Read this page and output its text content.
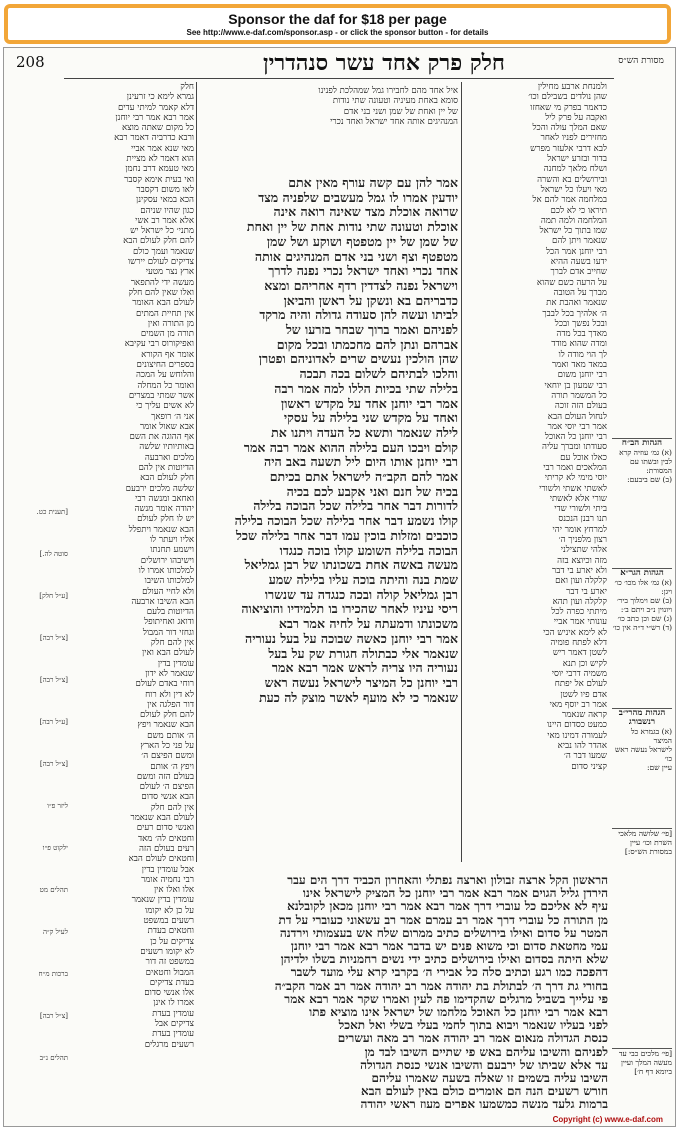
Sponsor the daf for $18 per page
See http://www.e-daf.com/sponsor.asp - or click the sponsor button - for details
208	חלק פרק אחד עשר סנהדרין	מסורת הש״ס
הגהות הב״ח
(א) גמ׳ עוזיה קרא
לבין ובשתו עם המסורת:
(ב) שם ביבעם:
הגהות הגר״א
(א) גמ׳ אלו מכו׳ כו׳ ויגן:
(ב) שם וימלוך ביר׳
ויונוין נ״ב ויתם ב׳:
(ג) שם וכן כתב כו׳
(ד) רש״י ד״ה אין כו׳
הגהות מהרי״ב רנשבורג
(א) בגמרא כל המיצר
לישראל נעשה ראש כו׳
עיין שם:
[פי׳ שלושה מלאכי
השרת וכו׳ עיין
במסורת הש״ס:]
[פי׳ מלכים כבי עד
מעשה המלך ועיין
ביומא דף ח׳]
[תענית כט.
סוטה לה.]
[ע״ל חלק]
[צ״ל רבה]
[צ״ל רבה]
[ע״ל רבה]
[צ״ל רבה]
ליזר פ״ו
ילקוט פ״ו
תהלים מט
לעיל ק״ה
ברכות מ״ח
[צ״ל רבה]
תהלים נ״ב
חלק
גמרא לימא כי זרעינן
דלא קאמר למיתי עדים
אמר רבא אמר רבי יוחנן
כל מקום שאתה מוצא
ורבא כדרביה דאמר רבא
מאי שנא אמר אביי
הוא דאמר לא מציית
מאי טעמא דרב נחמן
ואי בעית אימא קסבר
לאו משום דקסבר
הכא במאי עסקינן
כגון שהיו שניהם
אלא אמר רב אשי
מתני׳ כל ישראל יש
להם חלק לעולם הבא
שנאמר ועמך כולם
צדיקים לעולם יירשו
ארץ נצר מטעי
מעשה ידי להתפאר
ואלו שאין להם חלק
לעולם הבא האומר
אין תחיית המתים
מן התורה ואין
תורה מן השמים
ואפיקורוס רבי עקיבא
אומר אף הקורא
בספרים החיצונים
והלוחש על המכה
ואומר כל המחלה
אשר שמתי במצרים
לא אשים עליך כי
אני ה׳ רופאך
אבא שאול אומר
אף ההוגה את השם
באותיותיו שלשה
מלכים וארבעה
הדיוטות אין להם
חלק לעולם הבא
שלשה מלכים ירבעם
ואחאב ומנשה רבי
יהודה אומר מנשה
יש לו חלק לעולם
הבא שנאמר ויתפלל
אליו ויעתר לו
וישמע תחנתו
וישיבהו ירושלים
למלכותו אמרו לו
למלכותו השיבו
ולא לחיי העולם
הבא השיבו ארבעה
הדיוטות בלעם
ודואג ואחיתופל
וגחזי דור המבול
אין להם חלק
לעולם הבא ואין
עומדין בדין
שנאמר לא ידון
רוחי באדם לעולם
לא דין ולא רוח
דור הפלגה אין
להם חלק לעולם
הבא שנאמר ויפץ
ה׳ אותם משם
על פני כל הארץ
ומשם הפיצם ה׳
ויפץ ה׳ אותם
בעולם הזה ומשם
הפיצם ה׳ לעולם
הבא אנשי סדום
אין להם חלק
לעולם הבא שנאמר
ואנשי סדום רעים
וחטאים לה׳ מאד
רעים בעולם הזה
וחטאים לעולם הבא
אבל עומדין בדין
רבי נחמיה אומר
אלו ואלו אין
עומדין בדין שנאמר
על כן לא יקומו
רשעים במשפט
וחטאים בעדת
צדיקים על כן
לא יקומו רשעים
במשפט זה דור
המבול וחטאים
בעדת צדיקים
אלו אנשי סדום
אמרו לו אינן
עומדין בעדת
צדיקים אבל
עומדין בעדת
רשעים מרגלים
אמר להן עם קשה עורף מאין אתם
יודעין אמרו לו גמל מעשבים שלפניה מצד
שרואה אוכלת מצד שאינה רואה אינה
אוכלת וטעונה שתי נודות אחת של יין ואחת
של שמן של יין מטפטף ושוקע ושל שמן
מטפטף וצף ושני בני אדם המנהיגים אותה
אחד נכרי ואחד ישראל נכרי נפנה לדרך
וישראל נפנה לצדדין רדף אחריהם ומצא
כדבריהם בא ונשקן על ראשן והביאן
לביתו ועשה להן סעודה גדולה והיה מרקד
לפניהם ואמר ברוך שבחר בזרעו של
אברהם ונתן להם מחכמתו ובכל מקום
שהן הולכין נעשים שרים לאדוניהם ופטרן
והלכו לבתיהם לשלום בכה תבכה
בלילה שתי בכיות הללו למה אמר רבה
אמר רבי יוחנן אחד על מקדש ראשון
ואחד על מקדש שני בלילה על עסקי
לילה שנאמר ותשא כל העדה ויתנו את
קולם ויבכו העם בלילה ההוא אמר רבה אמר
רבי יוחנן אותו היום ליל תשעה באב היה
אמר להם הקב״ה לישראל אתם בכיתם
בכיה של חנם ואני אקבע לכם בכיה
לדורות דבר אחר בלילה שכל הבוכה בלילה
קולו נשמע דבר אחר בלילה שכל הבוכה בלילה
כוכבים ומזלות בוכין עמו דבר אחר בלילה שכל
הבוכה בלילה השומע קולו בוכה כנגדו
מעשה באשה אחת בשכונתו של רבן גמליאל
שמת בנה והיתה בוכה עליו בלילה שמע
רבן גמליאל קולה ובכה כנגדה עד שנשרו
ריסי עיניו לאחר שהכירו בו תלמידיו והוציאוה
משכונתו ודמעתה על לחיה אמר רבא
אמר רבי יוחנן כאשה שבוכה על בעל נעוריה
שנאמר אלי כבתולה חגורת שק על בעל
נעוריה היו צריה לראש אמר רבא אמר
רבי יוחנן כל המיצר לישראל נעשה ראש
שנאמר כי לא מועף לאשר מוצק לה כעת
איל אחד מהם לחבירו גמל שמהלכת לפנינו
סומא באחת מעיניה וטעונה שתי נודות
של יין ואחת של שמן ושני בני אדם
המנהיגים אותה אחד ישראל ואחד נכרי
ולמנחת ארבע מחילין
שהן נולדים בשבילם וכו׳
כדאמר בפרק מי שאחזו
ואקבה על פרק ליל
שאם המלך עולה והכל
מחזירים לפניו לאחר
לבא דרבי אלעזר מפרש
בדור ובזרע ישראל
ושלח מלאך למחנה
ובירושלים בא והשרה
מאי ויעלו כל ישראל
במלחמה אמר להם אל
תיראו כי לא לכם
המלחמה ולמה תמה
שמו בתוך כל ישראל
שנאמר ויתן להם
רבי יוחנן אמר הכל
ידעו בשעה ההיא
שחייב אדם לברך
על הרעה כשם שהוא
מברך על הטובה
שנאמר ואהבת את
ה׳ אלהיך בכל לבבך
ובכל נפשך ובכל
מאדך בכל מדה
ומדה שהוא מודד
לך הוי מודה לו
במאד מאד ואמר
רבי יוחנן משום
רבי שמעון בן יוחאי
כל המשמר תורה
בעולם הזה זוכה
לנחול העולם הבא
אמר רבי יוסי אמר
רבי יוחנן כל האוכל
סעודתו ומברך עליה
כאלו אוכל עם
המלאכים ואמר רבי
יוסי מימי לא קריתי
לאשתי אשתי ולשורי
שורי אלא לאשתי
ביתי ולשורי שדי
תנו רבנן הנכנס
למרחץ אומר יהי
רצון מלפניך ה׳
אלהי שתצילני
מזה וכיוצא בזה
ולא יארע בי דבר
קלקלה ועון ואם
יארע בי דבר
קלקלה ועון תהא
מיתתי כפרה לכל
עונותי אמר אביי
לא לימא איניש הכי
דלא לפתח פומיה
לשטן דאמר ריש
לקיש וכן תנא
משמיה דרבי יוסי
לעולם אל יפתח
אדם פיו לשטן
אמר רב יוסף מאי
קראה שנאמר
כמעט כסדום היינו
לעמורה דמינו מאי
אהדר להו נביא
שמעו דבר ה׳
קציני סדום
הראשון הקל ארצה זבולון וארצה נפתלי והאחרון הכביד דרך הים עבר
הירדן גליל הגוים אמר רבא אמר רבי יוחנן כל המציק לישראל אינו
עיף לא אליכם כל עוברי דרך אמר רבא אמר רבי יוחנן מכאן לקובלנא
מן התורה כל עוברי דרך אמר רב עמרם אמר רב עשאוני כעוברי על דת
המטר על סדום ואילו בירושלים כתיב ממרום שלח אש בעצמותי וירדנה
עמי מחטאת סדום וכי משוא פנים יש בדבר אמר רבא אמר רבי יוחנן
שלא היתה בסדום ואילו בירושלים כתיב ידי נשים רחמניות בשלו ילדיהן
דהפכה כמו רגע וכתיב סלה כל אבירי ה׳ בקרבי קרא עלי מועד לשבר
בחורי גת דרך ה׳ לבתולת בת יהודה אמר רב יהודה אמר רב אמר הקב״ה
פי עלייך בשביל מרגלים שהקדימו פה לעין ואמרו שקר אמר רבא אמר
רבא אמר רבי יוחנן כל האוכל מלחמו של ישראל אינו מוציא פתו
לפני בעליו שנאמר ויבוא בתוך לחמי בעלי בשלי ואל תאכל
כנסת הגדולה מנאום אמר רב יהודה אמר רב מאה ועשרים
לפניהם והשיבו עליהם באש פי שתיים השיבו לבד מן
עד אלא שביתו של ירבעם והשיבו אנשי כנסת הגדולה
השיבו עליה בשמים זו שאלה בשעה שאמרו עליהם
חורש רשעים הנה הם אומרים כולם באין לעולם הבא
ברמות גלעד מנשה כמשמעו אפרים מעוז ראשי יהודה
Copyright (c) www.e-daf.com
